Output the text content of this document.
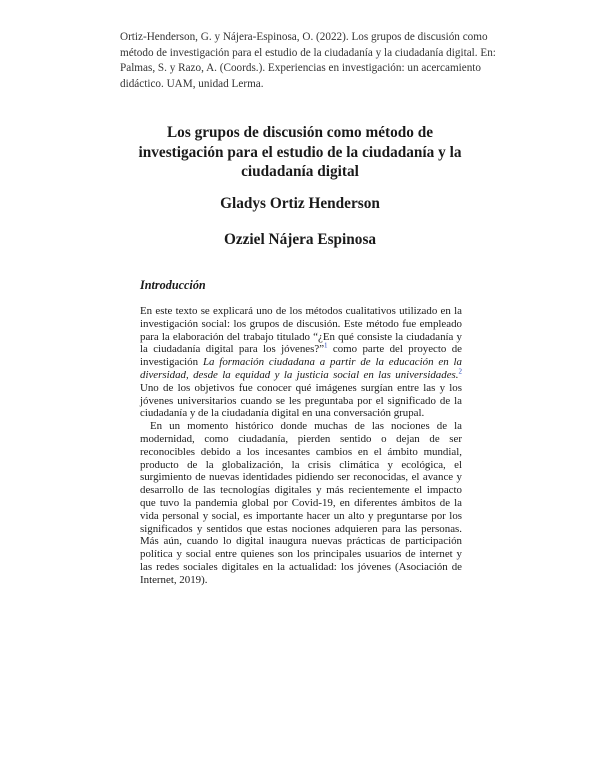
Ortiz-Henderson, G. y Nájera-Espinosa, O. (2022). Los grupos de discusión como método de investigación para el estudio de la ciudadanía y la ciudadanía digital. En: Palmas, S. y Razo, A. (Coords.). Experiencias en investigación: un acercamiento didáctico. UAM, unidad Lerma.
Los grupos de discusión como método de investigación para el estudio de la ciudadanía y la ciudadanía digital
Gladys Ortiz Henderson
Ozziel Nájera Espinosa
Introducción

En este texto se explicará uno de los métodos cualitativos utilizado en la investigación social: los grupos de discusión. Este método fue empleado para la elaboración del trabajo titulado “¿En qué consiste la ciudadanía y la ciudadanía digital para los jóvenes?”$^1$ como parte del proyecto de investigación La formación ciudadana a partir de la educación en la diversidad, desde la equidad y la justicia social en las universidades.$^2$ Uno de los objetivos fue conocer qué imágenes surgían entre las y los jóvenes universitarios cuando se les preguntaba por el significado de la ciudadanía y de la ciudadanía digital en una conversación grupal.

En un momento histórico donde muchas de las nociones de la modernidad, como ciudadanía, pierden sentido o dejan de ser reconocibles debido a los incesantes cambios en el ámbito mundial, producto de la globalización, la crisis climática y ecológica, el surgimiento de nuevas identidades pidiendo ser reconocidas, el avance y desarrollo de las tecnologías digitales y más recientemente el impacto que tuvo la pandemia global por Covid-19, en diferentes ámbitos de la vida personal y social, es importante hacer un alto y preguntarse por los significados y sentidos que estas nociones adquieren para las personas. Más aún, cuando lo digital inaugura nuevas prácticas de participación política y social entre quienes son los principales usuarios de internet y las redes sociales digitales en la actualidad: los jóvenes (Asociación de Internet, 2019).
